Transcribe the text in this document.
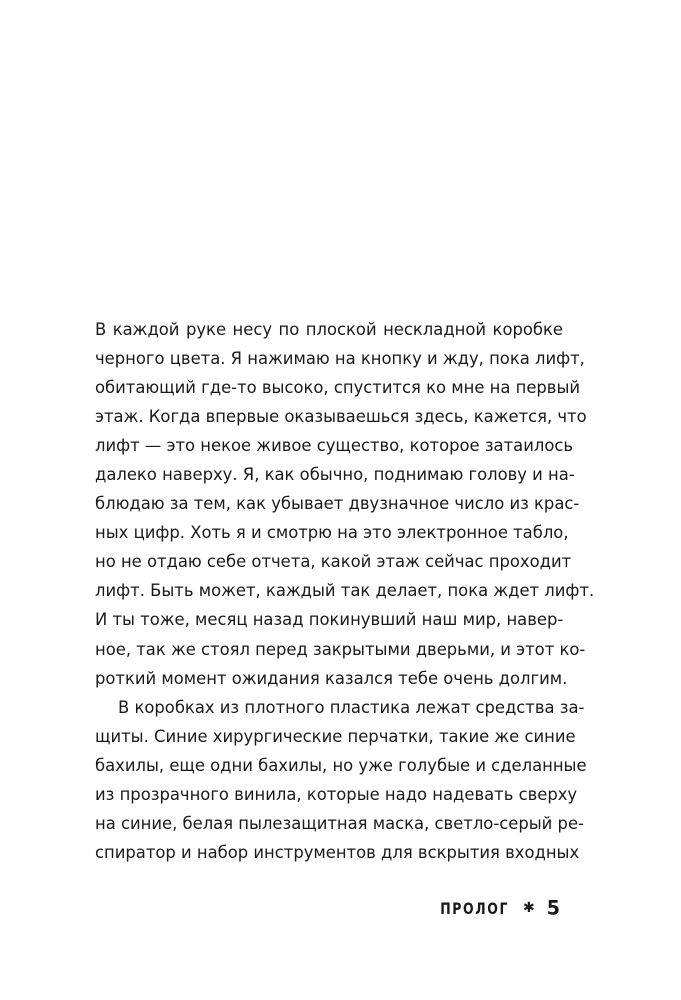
В каждой руке несу по плоской нескладной коробке
черного цвета. Я нажимаю на кнопку и жду, пока лифт,
обитающий где-то высоко, спустится ко мне на первый
этаж. Когда впервые оказываешься здесь, кажется, что
лифт — это некое живое существо, которое затаилось
далеко наверху. Я, как обычно, поднимаю голову и на-
блюдаю за тем, как убывает двузначное число из крас-
ных цифр. Хоть я и смотрю на это электронное табло,
но не отдаю себе отчета, какой этаж сейчас проходит
лифт. Быть может, каждый так делает, пока ждет лифт.
И ты тоже, месяц назад покинувший наш мир, навер-
ное, так же стоял перед закрытыми дверьми, и этот ко-
роткий момент ожидания казался тебе очень долгим.
В коробках из плотного пластика лежат средства за-
щиты. Синие хирургические перчатки, такие же синие
бахилы, еще одни бахилы, но уже голубые и сделанные
из прозрачного винила, которые надо надевать сверху
на синие, белая пылезащитная маска, светло-серый ре-
спиратор и набор инструментов для вскрытия входных
ПРОЛОГ ✱ 5
